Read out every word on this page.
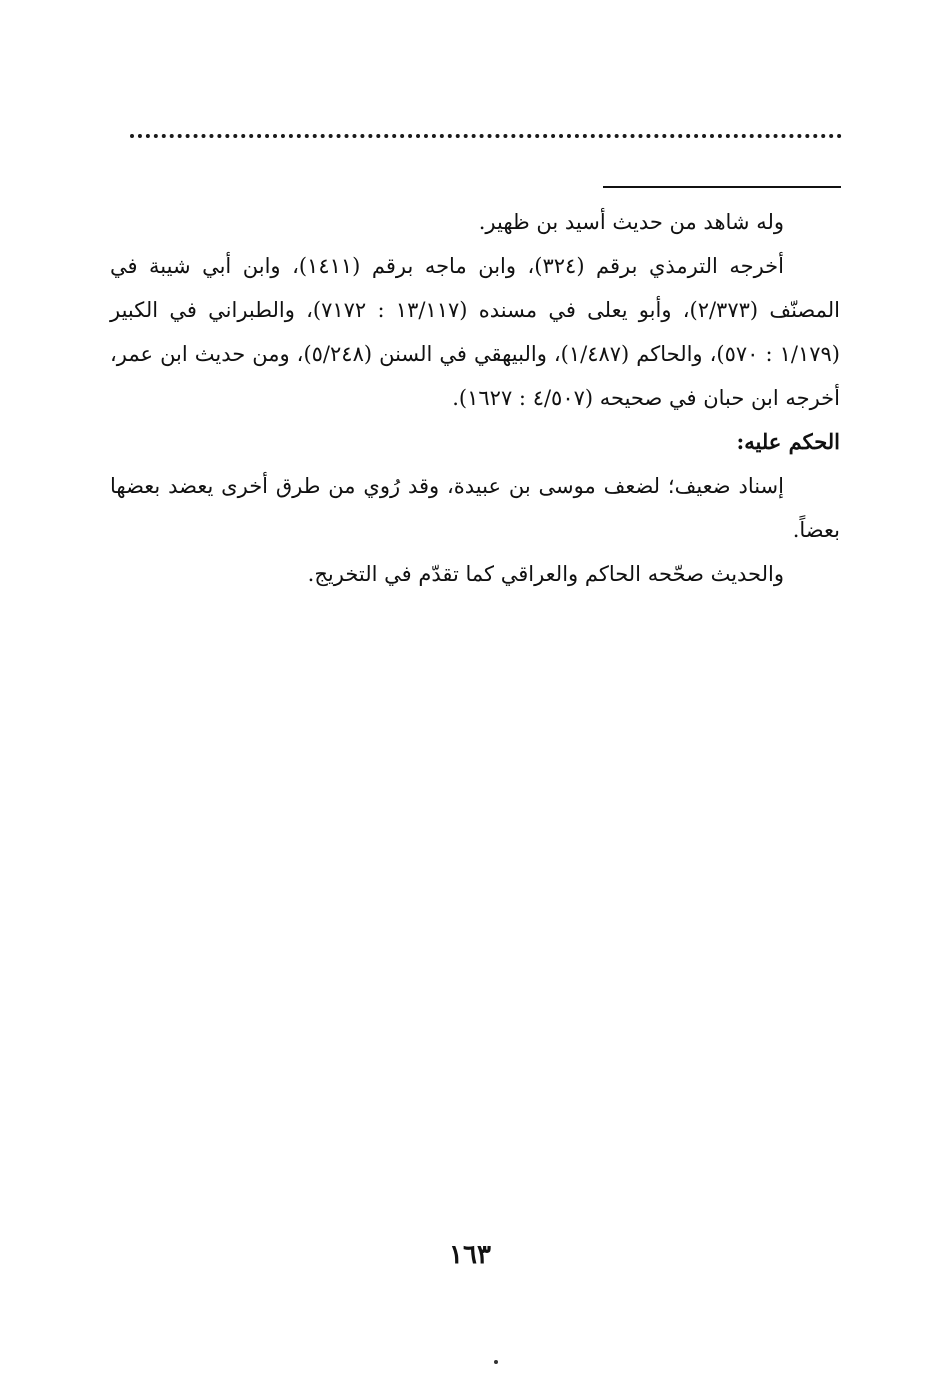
وله شاهد من حديث أسيد بن ظهير.

أخرجه الترمذي برقم (٣٢٤)، وابن ماجه برقم (١٤١١)، وابن أبي شيبة في المصنّف (٢/٣٧٣)، وأبو يعلى في مسنده (١٣/١١٧ : ٧١٧٢)، والطبراني في الكبير (١/١٧٩ : ٥٧٠)، والحاكم (١/٤٨٧)، والبيهقي في السنن (٥/٢٤٨)، ومن حديث ابن عمر، أخرجه ابن حبان في صحيحه (٤/٥٠٧ : ١٦٢٧).

الحكم عليه:

إسناد ضعيف؛ لضعف موسى بن عبيدة، وقد رُوي من طرق أخرى يعضد بعضها بعضاً.

والحديث صحّحه الحاكم والعراقي كما تقدّم في التخريج.

١٦٣
